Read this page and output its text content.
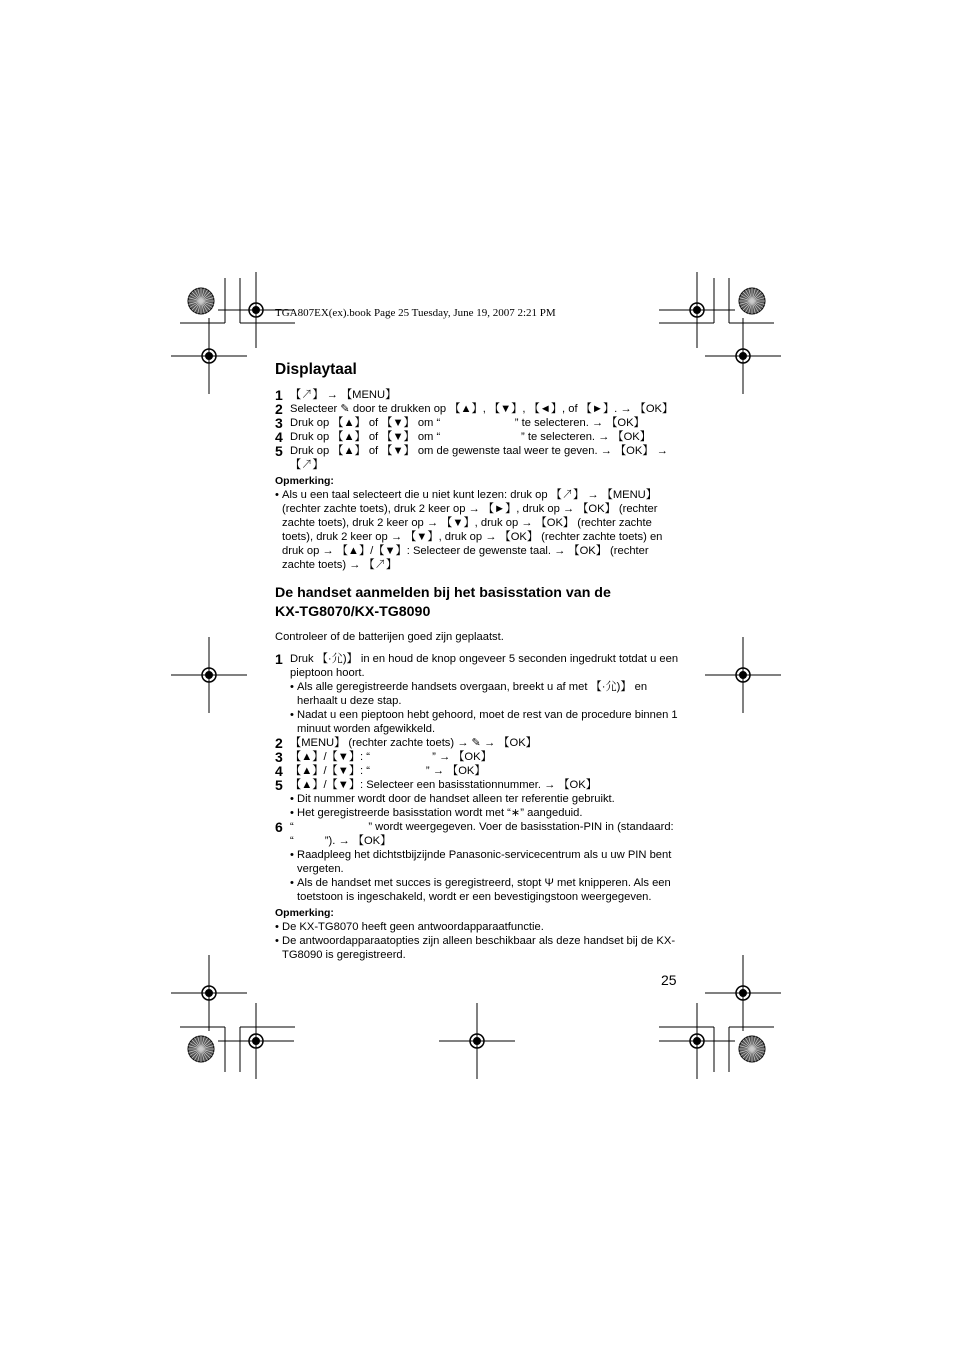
TGA807EX(ex).book Page 25 Tuesday, June 19, 2007 2:21 PM
Displaytaal
1 【↗】 → 【MENU】
2 Selecteer ✎ door te drukken op 【▲】, 【▼】, 【◄】, of 【►】. → 【OK】
3 Druk op 【▲】 of 【▼】 om “                        ” te selecteren. → 【OK】
4 Druk op 【▲】 of 【▼】 om “                          ” te selecteren. → 【OK】
5 Druk op 【▲】 of 【▼】 om de gewenste taal weer te geven. → 【OK】 → 【↗】
Opmerking:
• Als u een taal selecteert die u niet kunt lezen: druk op 【↗】 → 【MENU】 (rechter zachte toets), druk 2 keer op → 【►】, druk op → 【OK】 (rechter zachte toets), druk 2 keer op → 【▼】, druk op → 【OK】 (rechter zachte toets), druk 2 keer op → 【▼】, druk op → 【OK】 (rechter zachte toets) en druk op → 【▲】/【▼】: Selecteer de gewenste taal. → 【OK】 (rechter zachte toets) → 【↗】
De handset aanmelden bij het basisstation van de
KX-TG8070/KX-TG8090
Controleer of de batterijen goed zijn geplaatst.
1 Druk 【·⺏)】 in en houd de knop ongeveer 5 seconden ingedrukt totdat u een pieptoon hoort.
• Als alle geregistreerde handsets overgaan, breekt u af met 【·⺏)】 en herhaalt u deze stap.
• Nadat u een pieptoon hebt gehoord, moet de rest van de procedure binnen 1 minuut worden afgewikkeld.
2 【MENU】 (rechter zachte toets) → ✎ → 【OK】
3 【▲】/【▼】: “                    ” → 【OK】
4 【▲】/【▼】: “                  ” → 【OK】
5 【▲】/【▼】: Selecteer een basisstationnummer. → 【OK】
• Dit nummer wordt door de handset alleen ter referentie gebruikt.
• Het geregistreerde basisstation wordt met “∗” aangeduid.
6 “                        ” wordt weergegeven. Voer de basisstation-PIN in (standaard: “          ”). → 【OK】
• Raadpleeg het dichtstbijzijnde Panasonic-servicecentrum als u uw PIN bent vergeten.
• Als de handset met succes is geregistreerd, stopt Ψ met knipperen. Als een toetstoon is ingeschakeld, wordt er een bevestigingstoon weergegeven.
Opmerking:
• De KX-TG8070 heeft geen antwoordapparaatfunctie.
• De antwoordapparaatopties zijn alleen beschikbaar als deze handset bij de KX-TG8090 is geregistreerd.
25
